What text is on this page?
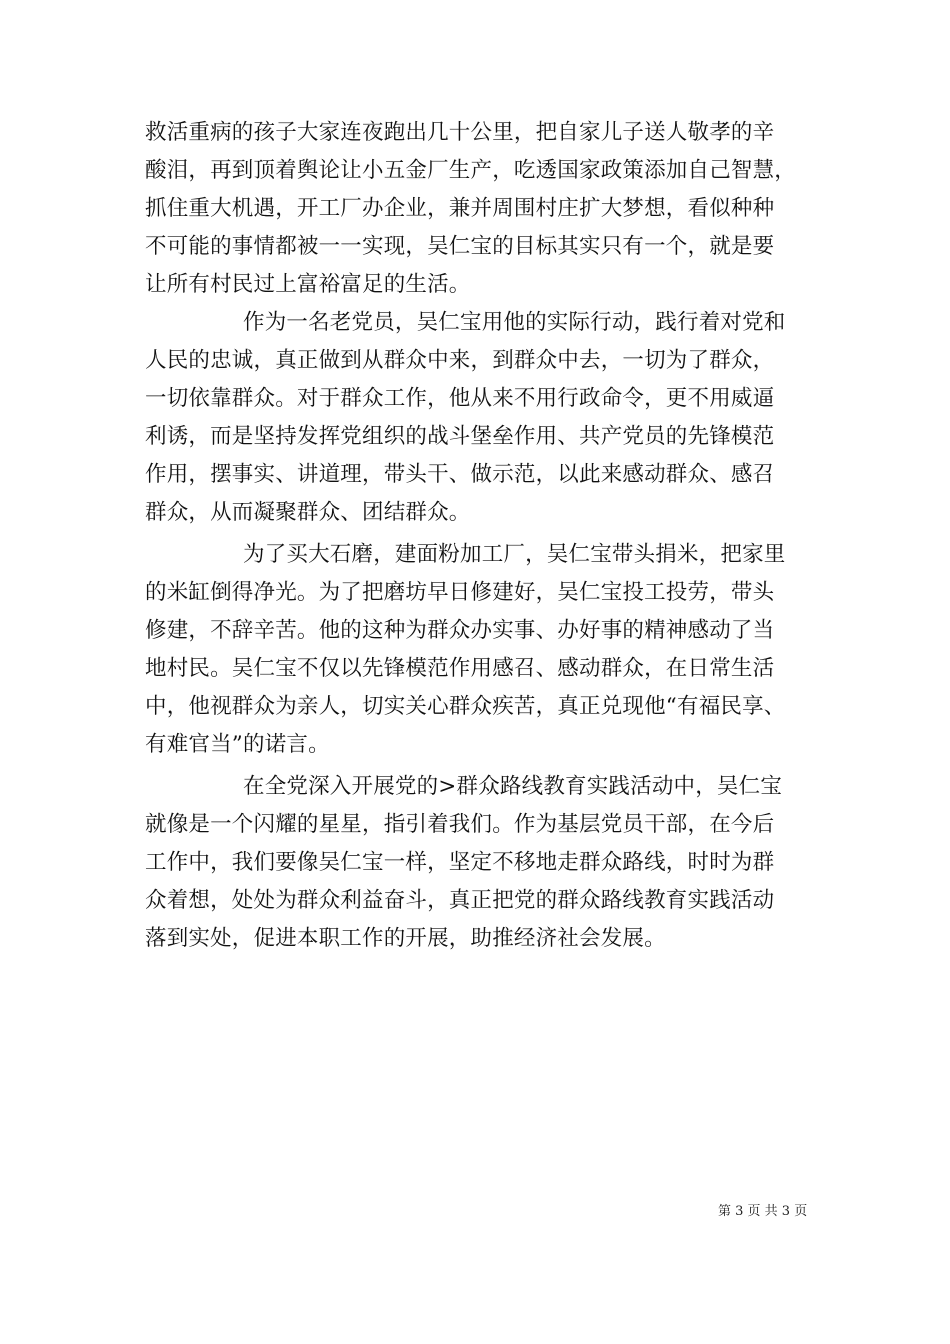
救活重病的孩子大家连夜跑出几十公里，把自家儿子送人敬孝的辛
酸泪，再到顶着舆论让小五金厂生产，吃透国家政策添加自己智慧，
抓住重大机遇，开工厂办企业，兼并周围村庄扩大梦想，看似种种
不可能的事情都被一一实现，吴仁宝的目标其实只有一个，就是要
让所有村民过上富裕富足的生活。
作为一名老党员，吴仁宝用他的实际行动，践行着对党和
人民的忠诚，真正做到从群众中来，到群众中去，一切为了群众，
一切依靠群众。对于群众工作，他从来不用行政命令，更不用威逼
利诱，而是坚持发挥党组织的战斗堡垒作用、共产党员的先锋模范
作用，摆事实、讲道理，带头干、做示范，以此来感动群众、感召
群众，从而凝聚群众、团结群众。
为了买大石磨，建面粉加工厂，吴仁宝带头捐米，把家里
的米缸倒得净光。为了把磨坊早日修建好，吴仁宝投工投劳，带头
修建，不辞辛苦。他的这种为群众办实事、办好事的精神感动了当
地村民。吴仁宝不仅以先锋模范作用感召、感动群众，在日常生活
中，他视群众为亲人，切实关心群众疾苦，真正兑现他“有福民享、
有难官当”的诺言。
在全党深入开展党的>群众路线教育实践活动中，吴仁宝
就像是一个闪耀的星星，指引着我们。作为基层党员干部，在今后
工作中，我们要像吴仁宝一样，坚定不移地走群众路线，时时为群
众着想，处处为群众利益奋斗，真正把党的群众路线教育实践活动
落到实处，促进本职工作的开展，助推经济社会发展。
第 3 页 共 3 页
